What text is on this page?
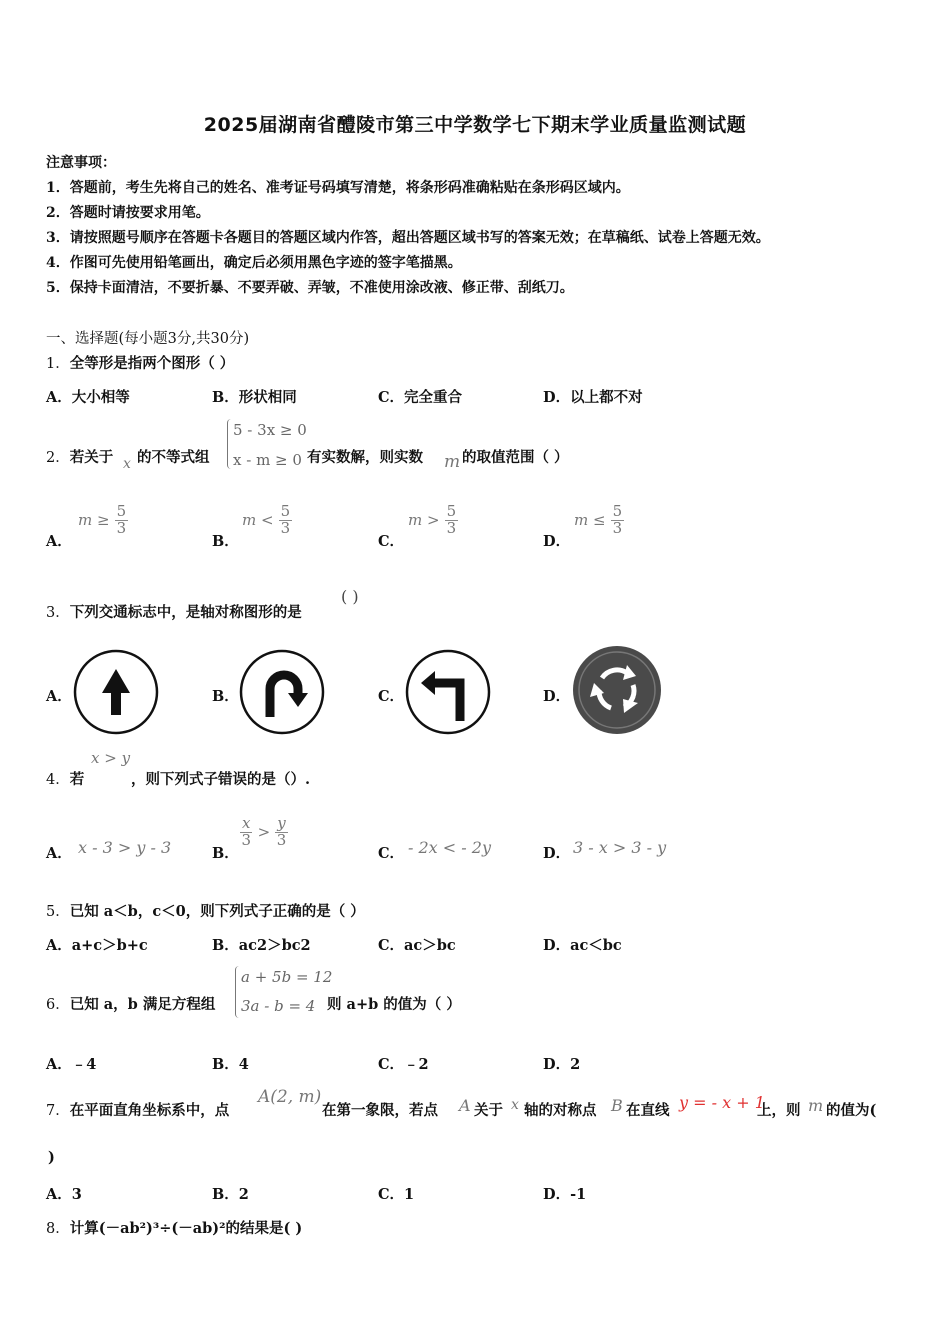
2025届湖南省醴陵市第三中学数学七下期末学业质量监测试题
注意事项：
1．答题前，考生先将自己的姓名、准考证号码填写清楚，将条形码准确粘贴在条形码区域内。
2．答题时请按要求用笔。
3．请按照题号顺序在答题卡各题目的答题区域内作答，超出答题区域书写的答案无效；在草稿纸、试卷上答题无效。
4．作图可先使用铅笔画出，确定后必须用黑色字迹的签字笔描黑。
5．保持卡面清洁，不要折暴、不要弄破、弄皱，不准使用涂改液、修正带、刮纸刀。
一、选择题(每小题3分,共30分)
1．全等形是指两个图形（ ）
A．大小相等	B．形状相同	C．完全重合	D．以上都不对
2．若关于 x 的不等式组
5 - 3x ≥ 0
x - m ≥ 0 有实数解，则实数 m 的取值范围（ ）
A．
$m \ge \frac{5}{3}$
B．
$m < \frac{5}{3}$
C．
$m > \frac{5}{3}$
D．
$m \le \frac{5}{3}$
3．下列交通标志中，是轴对称图形的是
( )
A．	B．	C．	D．
x > y
4．若	，则下列式子错误的是（）.
A． x - 3 > y - 3	B．
$\frac{x}{3} > \frac{y}{3}$
C． - 2x < - 2y	D． 3 - x > 3 - y
5．已知 a＜b，c＜0，则下列式子正确的是（ ）
A．a+c＞b+c	B．ac2＞bc2	C．ac＞bc	D．ac＜bc
6．已知 a，b 满足方程组
a + 5b = 12
3a - b = 4 则 a+b 的值为（ ）
A．﹣4	B．4	C．﹣2	D．2
7．在平面直角坐标系中，点
A(2, m)
在第一象限，若点 A 关于 x 轴的对称点 B 在直线 y = - x + 1
上，则 m 的值为(
)
A．3	B．2	C．1	D．-1
8．计算(－ab²)³÷(－ab)²的结果是( )
